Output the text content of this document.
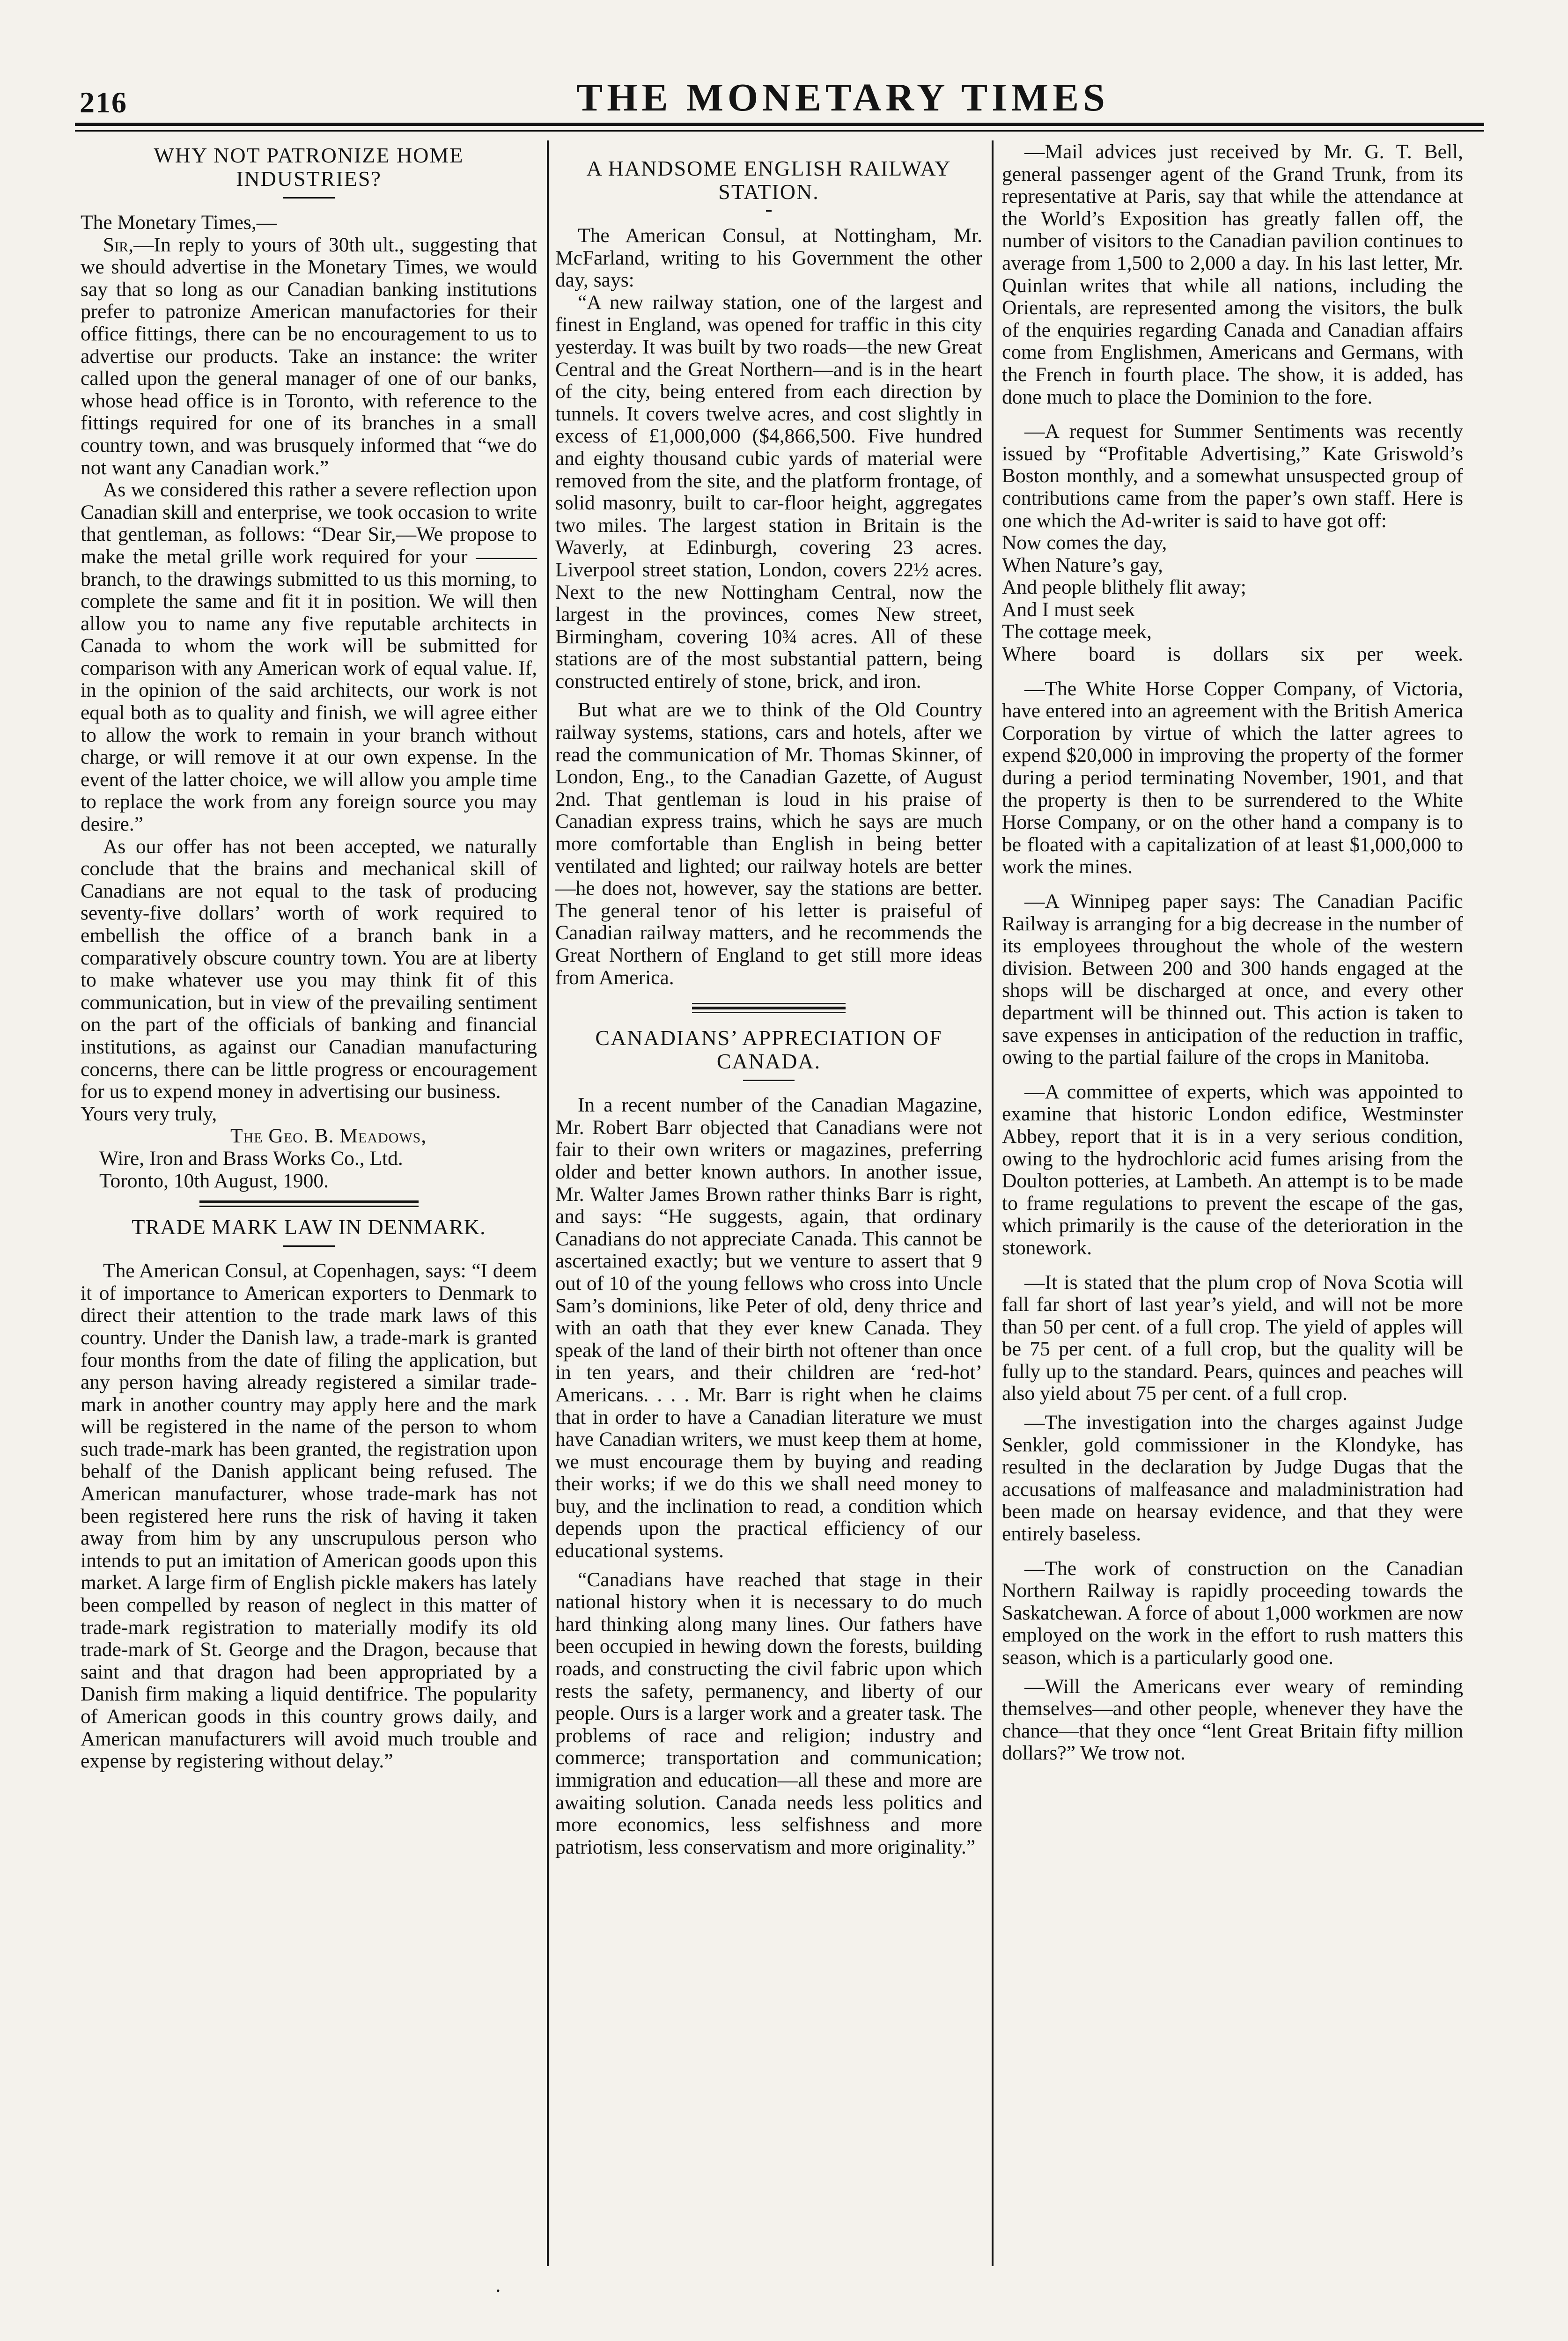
216	THE MONETARY TIMES
WHY NOT PATRONIZE HOME INDUSTRIES?

The Monetary Times,—

Sir,—In reply to yours of 30th ult., suggesting that we should advertise in the Monetary Times, we would say that so long as our Canadian banking institutions prefer to patronize American manufactories for their office fittings, there can be no encouragement to us to advertise our products. Take an instance: the writer called upon the general manager of one of our banks, whose head office is in Toronto, with reference to the fittings required for one of its branches in a small country town, and was brusquely informed that “we do not want any Canadian work.”

As we considered this rather a severe reflection upon Canadian skill and enterprise, we took occasion to write that gentleman, as follows: “Dear Sir,—We propose to make the metal grille work required for your ——— branch, to the drawings submitted to us this morning, to complete the same and fit it in position. We will then allow you to name any five reputable architects in Canada to whom the work will be submitted for comparison with any American work of equal value. If, in the opinion of the said architects, our work is not equal both as to quality and finish, we will agree either to allow the work to remain in your branch without charge, or will remove it at our own expense. In the event of the latter choice, we will allow you ample time to replace the work from any foreign source you may desire.”

As our offer has not been accepted, we naturally conclude that the brains and mechanical skill of Canadians are not equal to the task of producing seventy-five dollars’ worth of work required to embellish the office of a branch bank in a comparatively obscure country town. You are at liberty to make whatever use you may think fit of this communication, but in view of the prevailing sentiment on the part of the officials of banking and financial institutions, as against our Canadian manufacturing concerns, there can be little progress or encouragement for us to expend money in advertising our business.

Yours very truly,
The Geo. B. Meadows,
Wire, Iron and Brass Works Co., Ltd.
Toronto, 10th August, 1900.
TRADE MARK LAW IN DENMARK.

The American Consul, at Copenhagen, says: “I deem it of importance to American exporters to Denmark to direct their attention to the trade mark laws of this country. Under the Danish law, a trade-mark is granted four months from the date of filing the application, but any person having already registered a similar trade-mark in another country may apply here and the mark will be registered in the name of the person to whom such trade-mark has been granted, the registration upon behalf of the Danish applicant being refused. The American manufacturer, whose trade-mark has not been registered here runs the risk of having it taken away from him by any unscrupulous person who intends to put an imitation of American goods upon this market. A large firm of English pickle makers has lately been compelled by reason of neglect in this matter of trade-mark registration to materially modify its old trade-mark of St. George and the Dragon, because that saint and that dragon had been appropriated by a Danish firm making a liquid dentifrice. The popularity of American goods in this country grows daily, and American manufacturers will avoid much trouble and expense by registering without delay.”

A HANDSOME ENGLISH RAILWAY STATION.

The American Consul, at Nottingham, Mr. McFarland, writing to his Government the other day, says:

“A new railway station, one of the largest and finest in England, was opened for traffic in this city yesterday. It was built by two roads—the new Great Central and the Great Northern—and is in the heart of the city, being entered from each direction by tunnels. It covers twelve acres, and cost slightly in excess of £1,000,000 ($4,866,500. Five hundred and eighty thousand cubic yards of material were removed from the site, and the platform frontage, of solid masonry, built to car-floor height, aggregates two miles. The largest station in Britain is the Waverly, at Edinburgh, covering 23 acres. Liverpool street station, London, covers 22½ acres. Next to the new Nottingham Central, now the largest in the provinces, comes New street, Birmingham, covering 10¾ acres. All of these stations are of the most substantial pattern, being constructed entirely of stone, brick, and iron.

But what are we to think of the Old Country railway systems, stations, cars and hotels, after we read the communication of Mr. Thomas Skinner, of London, Eng., to the Canadian Gazette, of August 2nd. That gentleman is loud in his praise of Canadian express trains, which he says are much more comfortable than English in being better ventilated and lighted; our railway hotels are better—he does not, however, say the stations are better. The general tenor of his letter is praiseful of Canadian railway matters, and he recommends the Great Northern of England to get still more ideas from America.

CANADIANS’ APPRECIATION OF CANADA.

In a recent number of the Canadian Magazine, Mr. Robert Barr objected that Canadians were not fair to their own writers or magazines, preferring older and better known authors. In another issue, Mr. Walter James Brown rather thinks Barr is right, and says: “He suggests, again, that ordinary Canadians do not appreciate Canada. This cannot be ascertained exactly; but we venture to assert that 9 out of 10 of the young fellows who cross into Uncle Sam’s dominions, like Peter of old, deny thrice and with an oath that they ever knew Canada. They speak of the land of their birth not oftener than once in ten years, and their children are ‘red-hot’ Americans. . . . Mr. Barr is right when he claims that in order to have a Canadian literature we must have Canadian writers, we must keep them at home, we must encourage them by buying and reading their works; if we do this we shall need money to buy, and the inclination to read, a condition which depends upon the practical efficiency of our educational systems.

“Canadians have reached that stage in their national history when it is necessary to do much hard thinking along many lines. Our fathers have been occupied in hewing down the forests, building roads, and constructing the civil fabric upon which rests the safety, permanency, and liberty of our people. Ours is a larger work and a greater task. The problems of race and religion; industry and commerce; transportation and communication; immigration and education—all these and more are awaiting solution. Canada needs less politics and more economics, less selfishness and more patriotism, less conservatism and more originality.”

—Mail advices just received by Mr. G. T. Bell, general passenger agent of the Grand Trunk, from its representative at Paris, say that while the attendance at the World’s Exposition has greatly fallen off, the number of visitors to the Canadian pavilion continues to average from 1,500 to 2,000 a day. In his last letter, Mr. Quinlan writes that while all nations, including the Orientals, are represented among the visitors, the bulk of the enquiries regarding Canada and Canadian affairs come from Englishmen, Americans and Germans, with the French in fourth place. The show, it is added, has done much to place the Dominion to the fore.

—A request for Summer Sentiments was recently issued by “Profitable Advertising,” Kate Griswold’s Boston monthly, and a somewhat unsuspected group of contributions came from the paper’s own staff. Here is one which the Ad-writer is said to have got off:

Now comes the day,

When Nature’s gay,

And people blithely flit away;

And I must seek

The cottage meek,

Where board is dollars six per week.

—The White Horse Copper Company, of Victoria, have entered into an agreement with the British America Corporation by virtue of which the latter agrees to expend $20,000 in improving the property of the former during a period terminating November, 1901, and that the property is then to be surrendered to the White Horse Company, or on the other hand a company is to be floated with a capitalization of at least $1,000,000 to work the mines.

—A Winnipeg paper says: The Canadian Pacific Railway is arranging for a big decrease in the number of its employees throughout the whole of the western division. Between 200 and 300 hands engaged at the shops will be discharged at once, and every other department will be thinned out. This action is taken to save expenses in anticipation of the reduction in traffic, owing to the partial failure of the crops in Manitoba.

—A committee of experts, which was appointed to examine that historic London edifice, Westminster Abbey, report that it is in a very serious condition, owing to the hydrochloric acid fumes arising from the Doulton potteries, at Lambeth. An attempt is to be made to frame regulations to prevent the escape of the gas, which primarily is the cause of the deterioration in the stonework.

—It is stated that the plum crop of Nova Scotia will fall far short of last year’s yield, and will not be more than 50 per cent. of a full crop. The yield of apples will be 75 per cent. of a full crop, but the quality will be fully up to the standard. Pears, quinces and peaches will also yield about 75 per cent. of a full crop.

—The investigation into the charges against Judge Senkler, gold commissioner in the Klondyke, has resulted in the declaration by Judge Dugas that the accusations of malfeasance and maladministration had been made on hearsay evidence, and that they were entirely baseless.

—The work of construction on the Canadian Northern Railway is rapidly proceeding towards the Saskatchewan. A force of about 1,000 workmen are now employed on the work in the effort to rush matters this season, which is a particularly good one.

—Will the Americans ever weary of reminding themselves—and other people, whenever they have the chance—that they once “lent Great Britain fifty million dollars?” We trow not.

•
